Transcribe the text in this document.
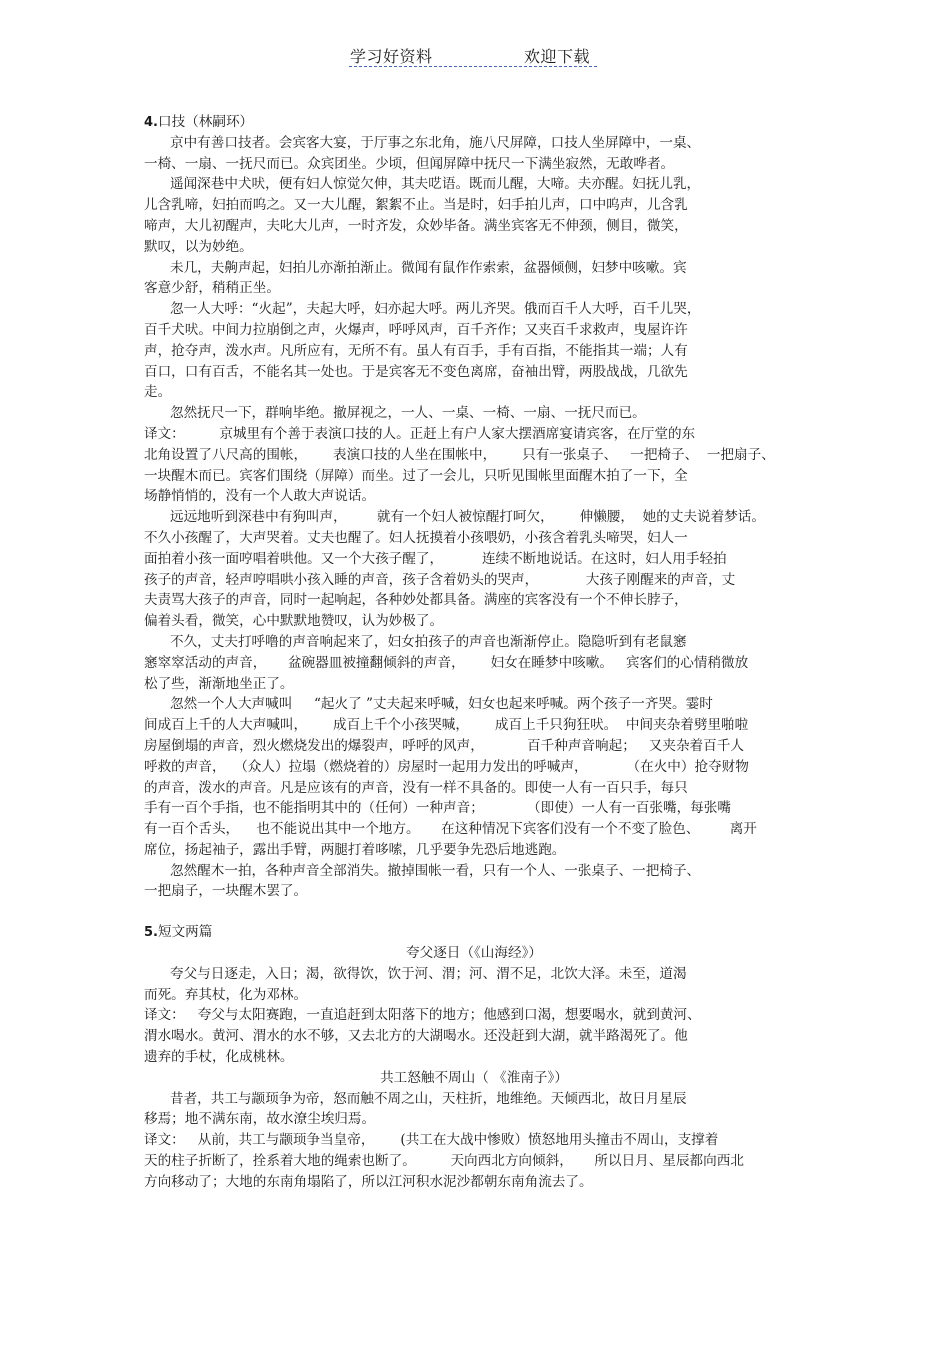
学习好资料	欢迎下载
4.口技（林嗣环）
京中有善口技者。会宾客大宴，于厅事之东北角，施八尺屏障，口技人坐屏障中，一桌、
一椅、一扇、一抚尺而已。众宾团坐。少顷，但闻屏障中抚尺一下满坐寂然，无敢哗者。
遥闻深巷中犬吠，便有妇人惊觉欠伸，其夫呓语。既而儿醒，大啼。夫亦醒。妇抚儿乳，
儿含乳啼，妇拍而呜之。又一大儿醒，絮絮不止。当是时，妇手拍儿声，口中呜声，儿含乳
啼声，大儿初醒声，夫叱大儿声，一时齐发，众妙毕备。满坐宾客无不伸颈，侧目，微笑，
默叹，以为妙绝。
未几，夫齁声起，妇拍儿亦渐拍渐止。微闻有鼠作作索索，盆器倾侧，妇梦中咳嗽。宾
客意少舒，稍稍正坐。
忽一人大呼：“火起”，夫起大呼，妇亦起大呼。两儿齐哭。俄而百千人大呼，百千儿哭，
百千犬吠。中间力拉崩倒之声，火爆声，呼呼风声，百千齐作；又夹百千求救声，曳屋许许
声，抢夺声，泼水声。凡所应有，无所不有。虽人有百手，手有百指，不能指其一端；人有
百口，口有百舌，不能名其一处也。于是宾客无不变色离席，奋袖出臂，两股战战，几欲先
走。
忽然抚尺一下，群响毕绝。撤屏视之，一人、一桌、一椅、一扇、一抚尺而已。
译文：        京城里有个善于表演口技的人。正赶上有户人家大摆酒席宴请宾客，在厅堂的东
北角设置了八尺高的围帐，      表演口技的人坐在围帐中，      只有一张桌子、   一把椅子、  一把扇子、
一块醒木而已。宾客们围绕（屏障）而坐。过了一会儿，只听见围帐里面醒木拍了一下，全
场静悄悄的，没有一个人敢大声说话。
远远地听到深巷中有狗叫声，       就有一个妇人被惊醒打呵欠，      伸懒腰，  她的丈夫说着梦话。
不久小孩醒了，大声哭着。丈夫也醒了。妇人抚摸着小孩喂奶，小孩含着乳头啼哭，妇人一
面拍着小孩一面哼唱着哄他。又一个大孩子醒了，         连续不断地说话。在这时，妇人用手轻拍
孩子的声音，轻声哼唱哄小孩入睡的声音，孩子含着奶头的哭声，           大孩子刚醒来的声音，丈
夫责骂大孩子的声音，同时一起响起，各种妙处都具备。满座的宾客没有一个不伸长脖子，
偏着头看，微笑，心中默默地赞叹，认为妙极了。
不久，丈夫打呼噜的声音响起来了，妇女拍孩子的声音也渐渐停止。隐隐听到有老鼠窸
窸窣窣活动的声音，     盆碗器皿被撞翻倾斜的声音，      妇女在睡梦中咳嗽。   宾客们的心情稍微放
松了些，渐渐地坐正了。
忽然一个人大声喊叫     “起火了 ”丈夫起来呼喊，妇女也起来呼喊。两个孩子一齐哭。霎时
间成百上千的人大声喊叫，      成百上千个小孩哭喊，      成百上千只狗狂吠。  中间夹杂着劈里啪啦
房屋倒塌的声音，烈火燃烧发出的爆裂声，呼呼的风声，          百千种声音响起；   又夹杂着百千人
呼救的声音，  （众人）拉塌（燃烧着的）房屋时一起用力发出的呼喊声，         （在火中）抢夺财物
的声音，泼水的声音。凡是应该有的声音，没有一样不具备的。即使一人有一百只手，每只
手有一百个手指，也不能指明其中的（任何）一种声音；          （即使）一人有一百张嘴，每张嘴
有一百个舌头，    也不能说出其中一个地方。     在这种情况下宾客们没有一个不变了脸色、       离开
席位，扬起袖子，露出手臂，两腿打着哆嗦，几乎要争先恐后地逃跑。
忽然醒木一拍，各种声音全部消失。撤掉围帐一看，只有一个人、一张桌子、一把椅子、
一把扇子，一块醒木罢了。
5.短文两篇
夸父逐日（《山海经》）
夸父与日逐走，入日；渴，欲得饮，饮于河、渭；河、渭不足，北饮大泽。未至，道渴
而死。弃其杖，化为邓林。
译文：   夸父与太阳赛跑，一直追赶到太阳落下的地方；他感到口渴，想要喝水，就到黄河、
渭水喝水。黄河、渭水的水不够，又去北方的大湖喝水。还没赶到大湖，就半路渴死了。他
遗弃的手杖，化成桃林。
共工怒触不周山（ 《淮南子》）
昔者，共工与颛顼争为帝，怒而触不周之山，天柱折，地维绝。天倾西北，故日月星辰
移焉；地不满东南，故水潦尘埃归焉。
译文：   从前，共工与颛顼争当皇帝，      (共工在大战中惨败）愤怒地用头撞击不周山，支撑着
天的柱子折断了，拴系着大地的绳索也断了。        天向西北方向倾斜，     所以日月、星辰都向西北
方向移动了；大地的东南角塌陷了，所以江河积水泥沙都朝东南角流去了。
